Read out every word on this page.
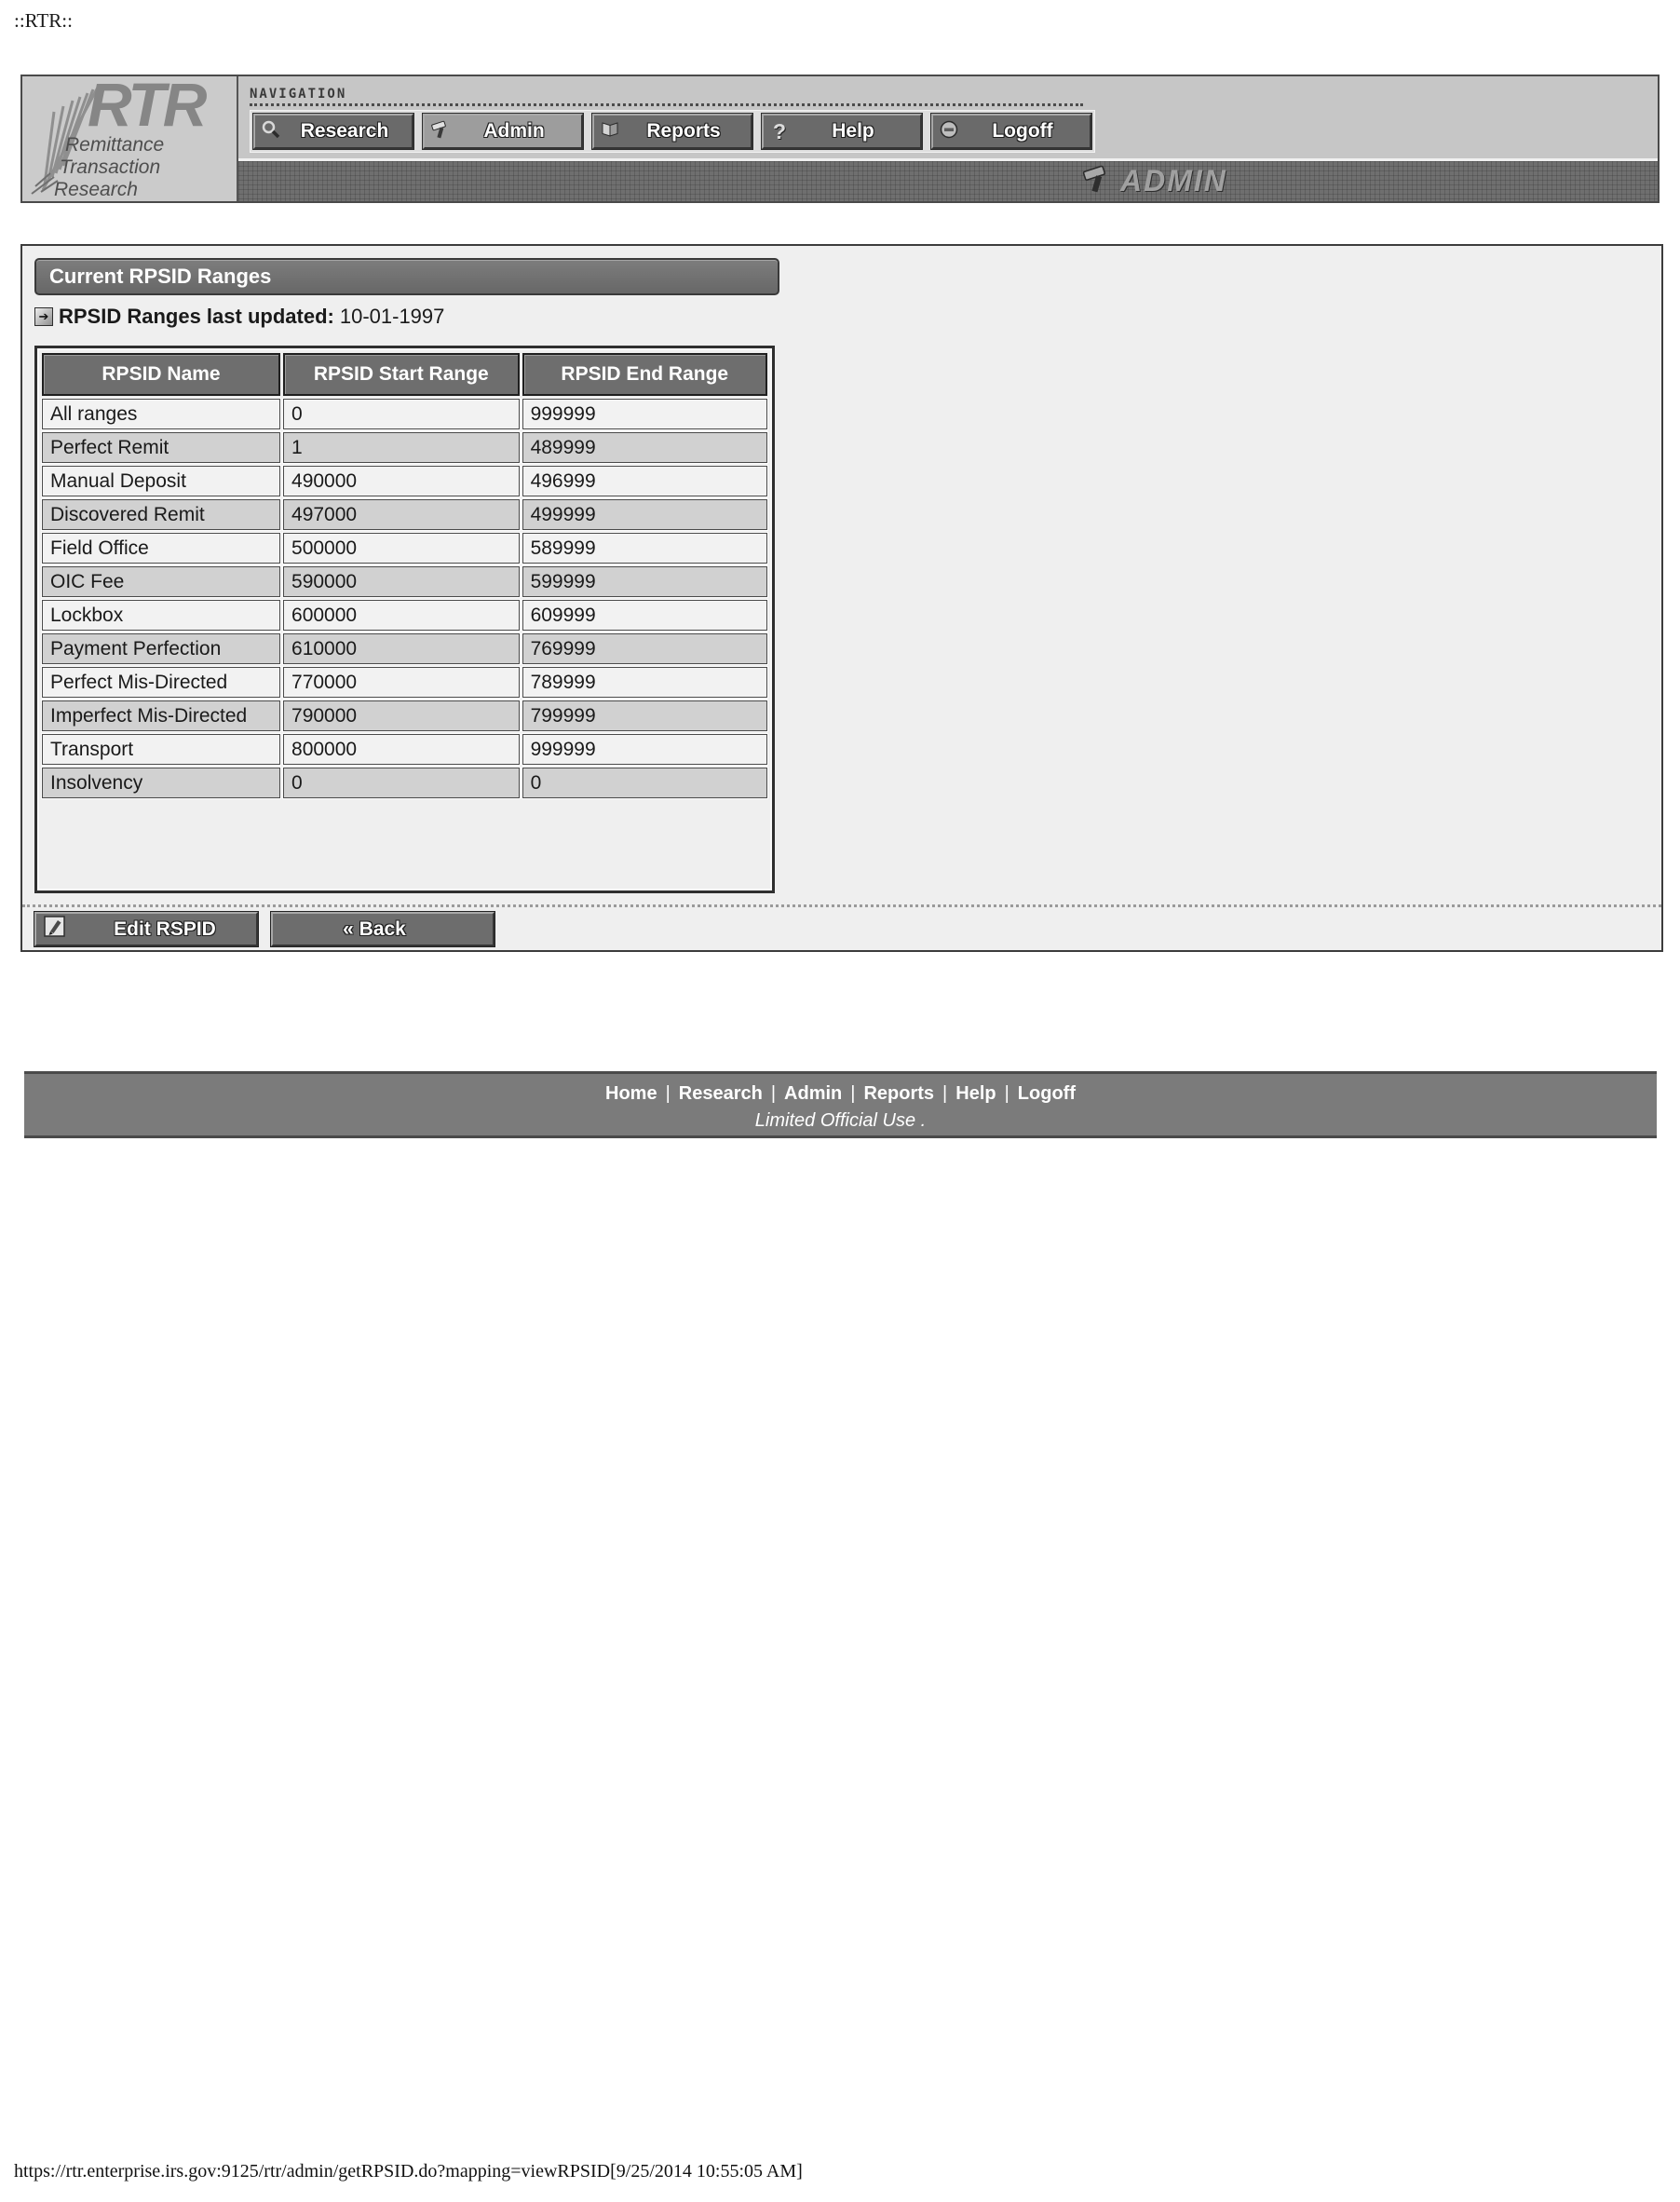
::RTR::
RTR
Remittance
Transaction
Research
NAVIGATION
Research	Admin	Reports	?	Help	Logoff
ADMIN
Current RPSID Ranges
➔ RPSID Ranges last updated: 10-01-1997
RPSID Name	RPSID Start Range	RPSID End Range
All ranges	0	999999
Perfect Remit	1	489999
Manual Deposit	490000	496999
Discovered Remit	497000	499999
Field Office	500000	589999
OIC Fee	590000	599999
Lockbox	600000	609999
Payment Perfection	610000	769999
Perfect Mis-Directed	770000	789999
Imperfect Mis-Directed	790000	799999
Transport	800000	999999
Insolvency	0	0
Edit RSPID	« Back
Home | Research | Admin | Reports | Help | Logoff
Limited Official Use .
https://rtr.enterprise.irs.gov:9125/rtr/admin/getRPSID.do?mapping=viewRPSID[9/25/2014 10:55:05 AM]
